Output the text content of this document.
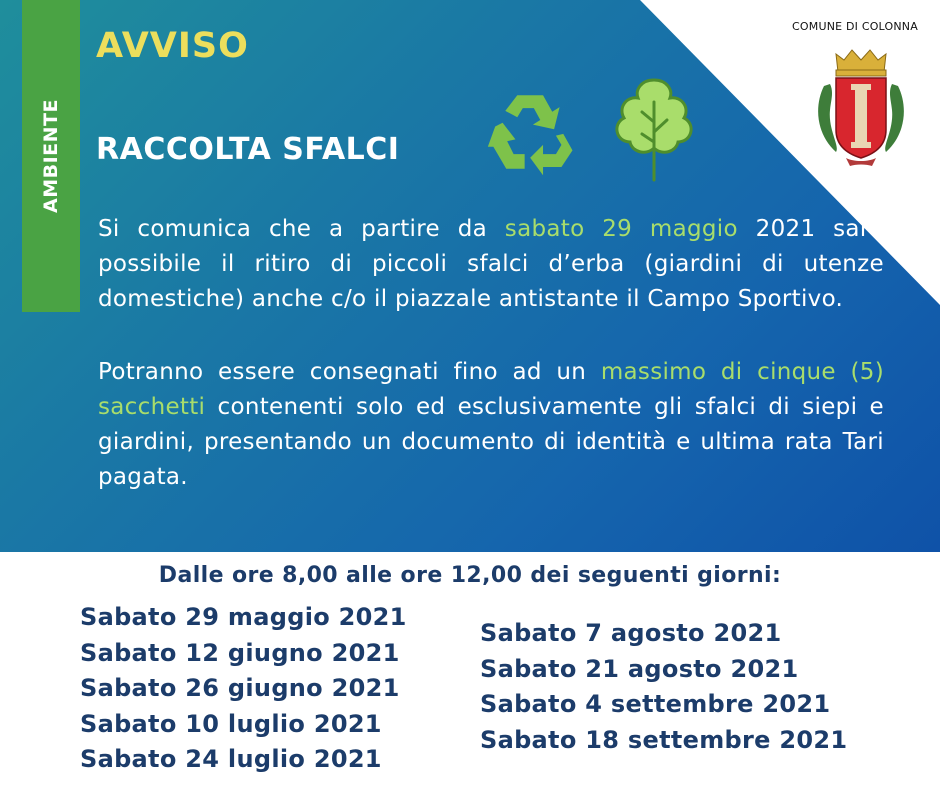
AMBIENTE
AVVISO
RACCOLTA SFALCI
COMUNE DI COLONNA
Si comunica che a partire da sabato 29 maggio 2021 sarà possibile il ritiro di piccoli sfalci d’erba (giardini di utenze domestiche) anche c/o il piazzale antistante il Campo Sportivo.
Potranno essere consegnati fino ad un massimo di cinque (5) sacchetti contenenti solo ed esclusivamente gli sfalci di siepi e giardini, presentando un documento di identità e ultima rata Tari pagata.
Dalle ore 8,00 alle ore 12,00 dei seguenti giorni:
Sabato 29 maggio 2021
Sabato 12 giugno 2021
Sabato 26 giugno 2021
Sabato 10 luglio 2021
Sabato 24 luglio 2021
Sabato 7 agosto 2021
Sabato 21 agosto 2021
Sabato 4 settembre 2021
Sabato 18 settembre 2021
